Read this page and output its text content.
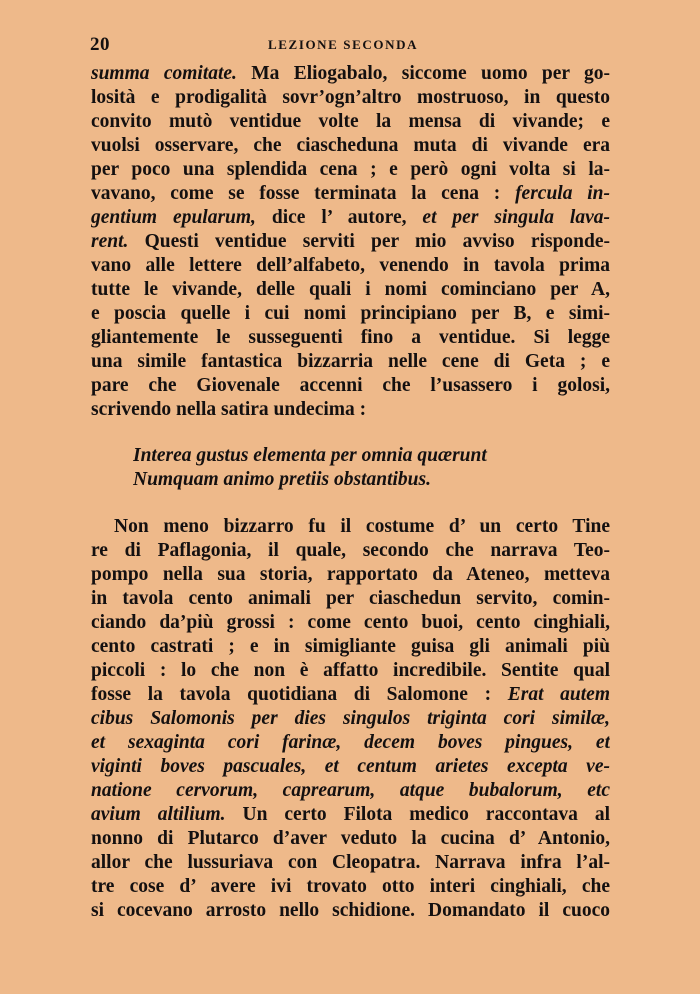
20	LEZIONE SECONDA
summa comitate. Ma Eliogabalo, siccome uomo per go-
losità e prodigalità sovr’ogn’altro mostruoso, in questo
convito mutò ventidue volte la mensa di vivande; e
vuolsi osservare, che ciascheduna muta di vivande era
per poco una splendida cena ; e però ogni volta si la-
vavano, come se fosse terminata la cena : fercula in-
gentium epularum, dice l’ autore, et per singula lava-
rent. Questi ventidue serviti per mio avviso risponde-
vano alle lettere dell’alfabeto, venendo in tavola prima
tutte le vivande, delle quali i nomi cominciano per A,
e poscia quelle i cui nomi principiano per B, e simi-
gliantemente le susseguenti fino a ventidue. Si legge
una simile fantastica bizzarria nelle cene di Geta ; e
pare che Giovenale accenni che l’usassero i golosi,
scrivendo nella satira undecima :
Interea gustus elementa per omnia quærunt
Numquam animo pretiis obstantibus.
Non meno bizzarro fu il costume d’ un certo Tine
re di Paflagonia, il quale, secondo che narrava Teo-
pompo nella sua storia, rapportato da Ateneo, metteva
in tavola cento animali per ciaschedun servito, comin-
ciando da’più grossi : come cento buoi, cento cinghiali,
cento castrati ; e in simigliante guisa gli animali più
piccoli : lo che non è affatto incredibile. Sentite qual
fosse la tavola quotidiana di Salomone : Erat autem
cibus Salomonis per dies singulos triginta cori similæ,
et sexaginta cori farinæ, decem boves pingues, et
viginti boves pascuales, et centum arietes excepta ve-
natione cervorum, caprearum, atque bubalorum, etc
avium altilium. Un certo Filota medico raccontava al
nonno di Plutarco d’aver veduto la cucina d’ Antonio,
allor che lussuriava con Cleopatra. Narrava infra l’al-
tre cose d’ avere ivi trovato otto interi cinghiali, che
si cocevano arrosto nello schidione. Domandato il cuoco
